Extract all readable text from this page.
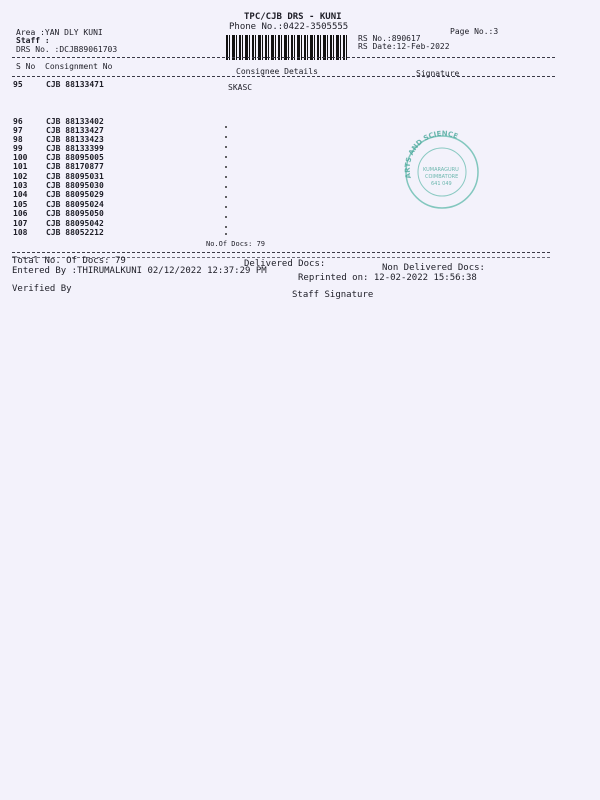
TPC/CJB DRS - KUNI
Phone No.:0422-3505555
Area :YAN DLY KUNI
Staff :
DRS No. :DCJB89061703
Page No.:3
RS No.:890617
RS Date:12-Feb-2022
S No Consignment No
Consignee Details	Signature
95	CJB 88133471	SKASC
96	CJB 88133402
97	CJB 88133427
98	CJB 88133423
99	CJB 88133399
100 CJB 88095005
101 CJB 88170877
102 CJB 88095031
103 CJB 88095030
104 CJB 88095029
105 CJB 88095024
106 CJB 88095050
107 CJB 88095042
108 CJB 88052212
No.Of Docs: 79
ARTS AND SCIENCE
KUMARAGURU
COIMBATORE
641 049
Total No. Of Docs: 79	Delivered Docs:	Non Delivered Docs:
Entered By :THIRUMALKUNI 02/12/2022 12:37:29 PM
Reprinted on: 12-02-2022 15:56:38
Verified By
Staff Signature
